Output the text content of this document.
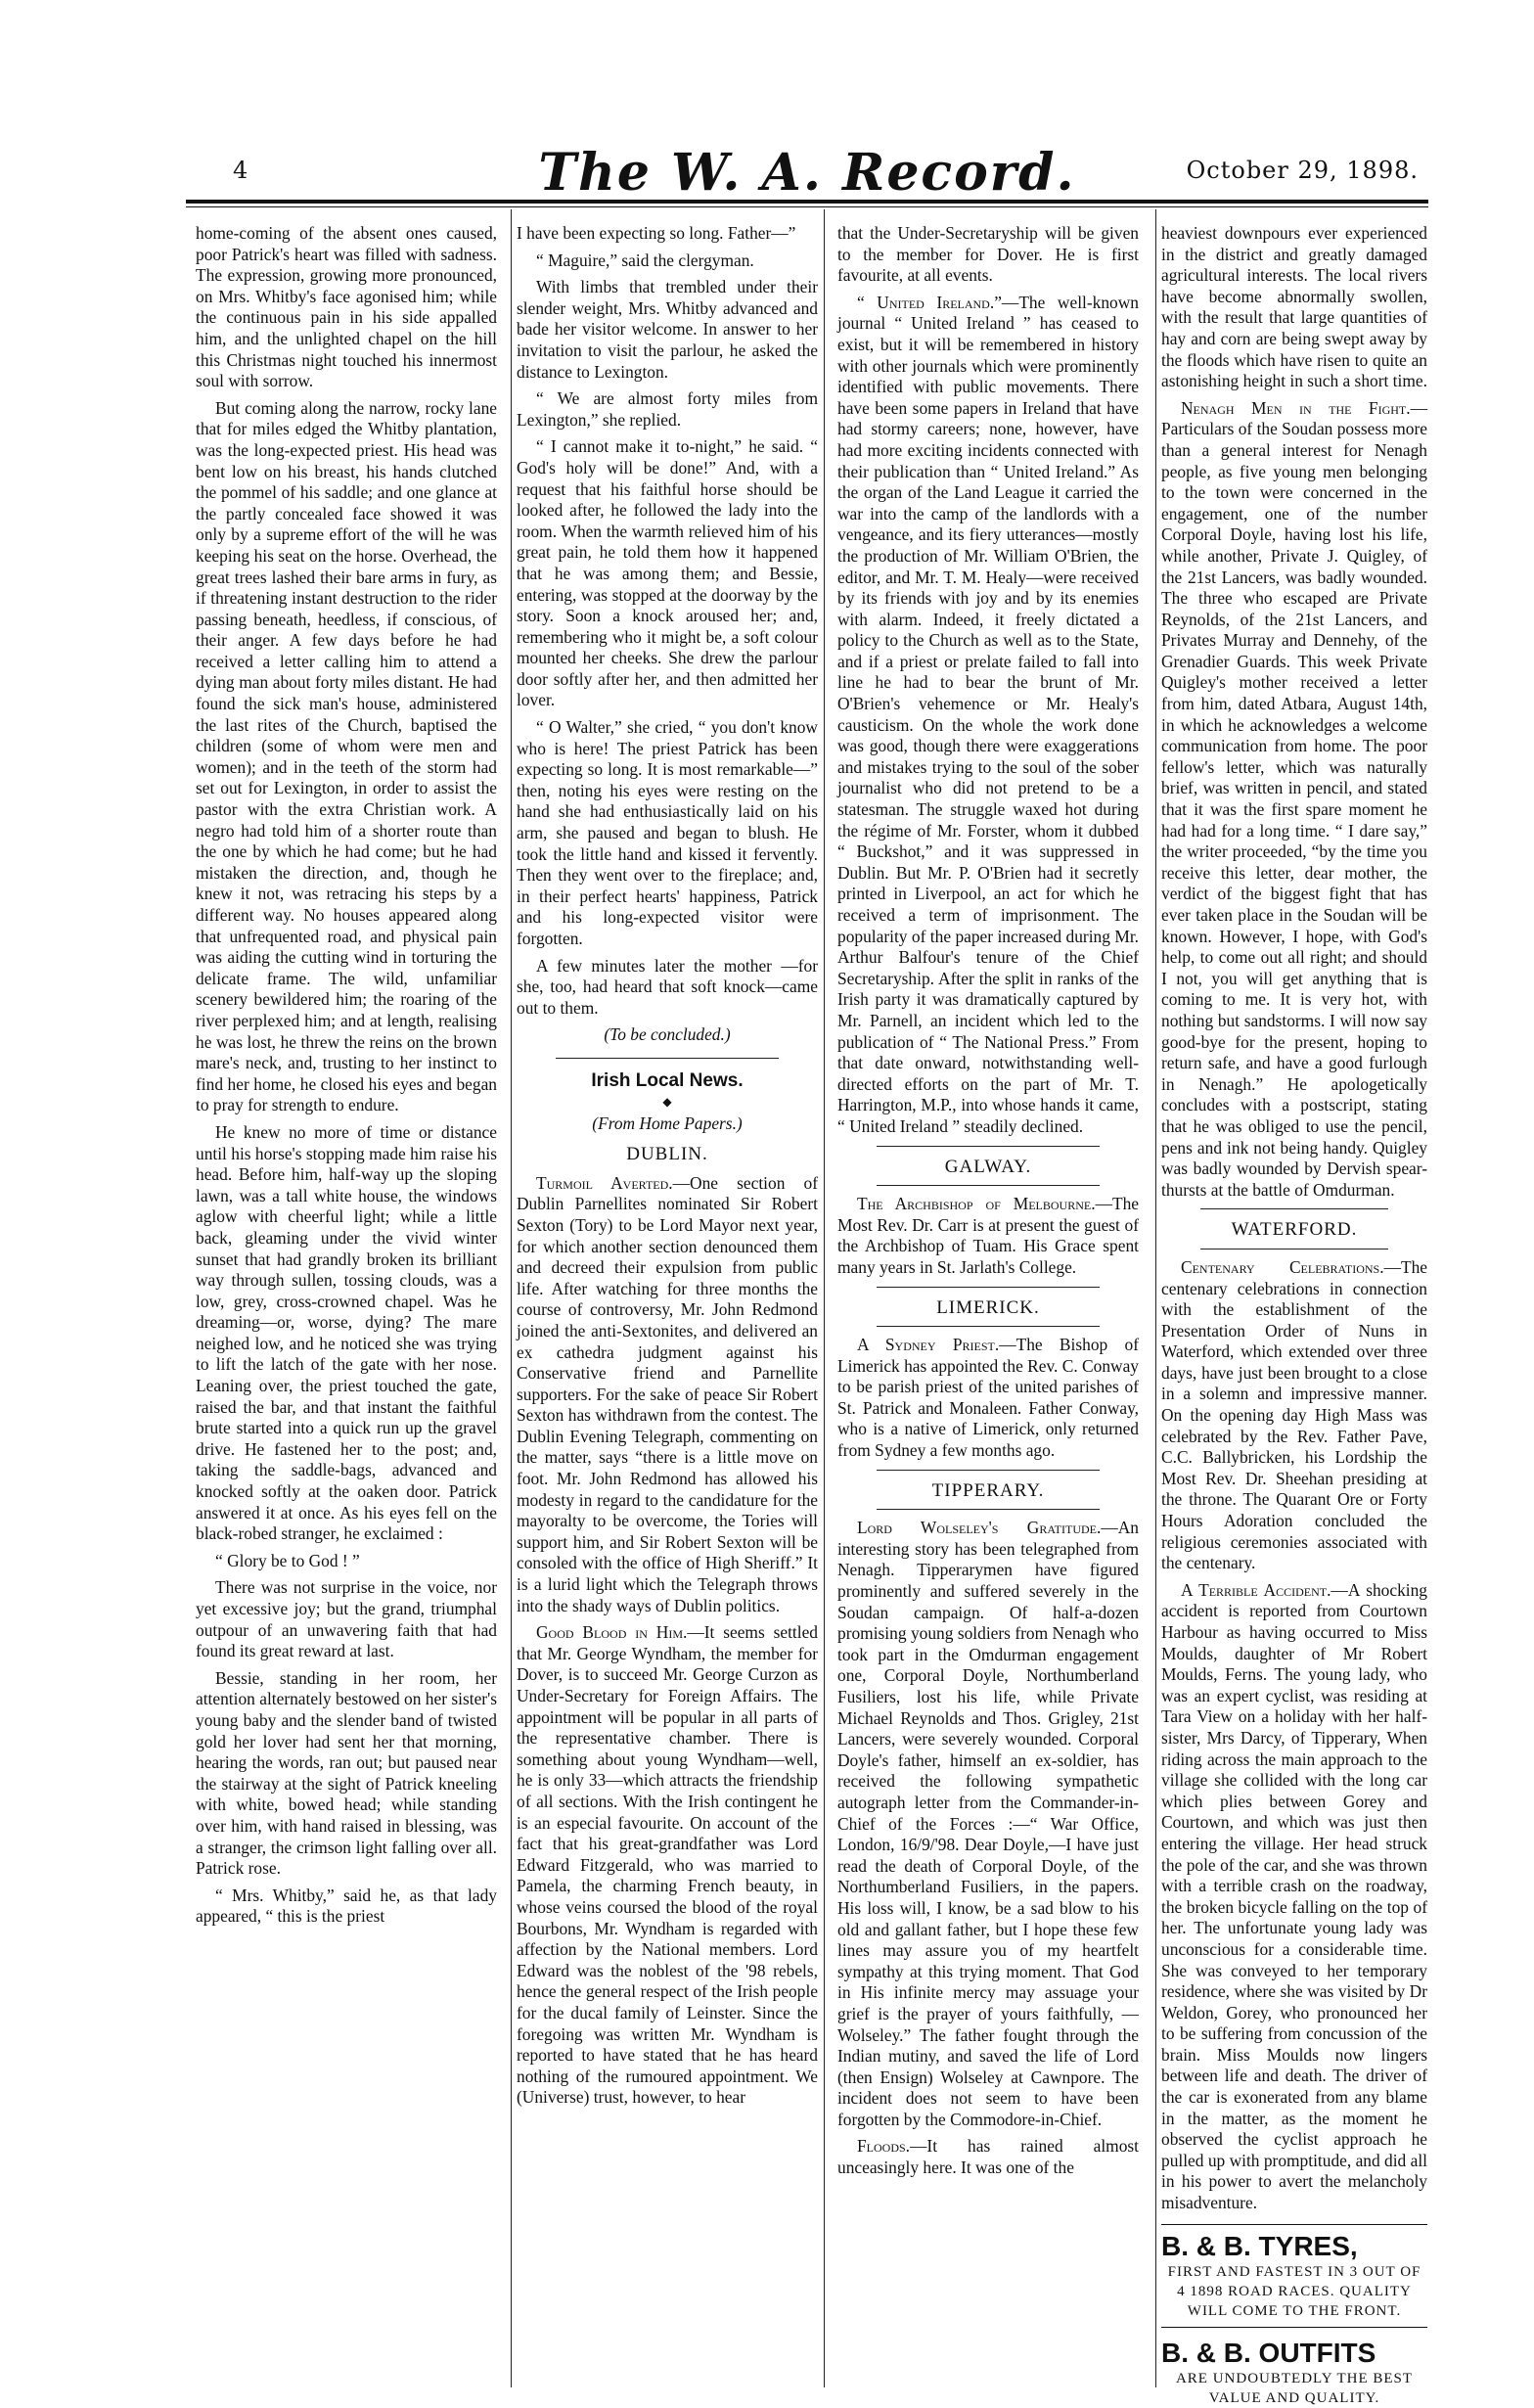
4	The W. A. Record.	October 29, 1898.

home-coming of the absent ones caused, poor Patrick's heart was filled with sadness. The expression, growing more pronounced, on Mrs. Whitby's face agonised him; while the continuous pain in his side appalled him, and the unlighted chapel on the hill this Christmas night touched his innermost soul with sorrow.

But coming along the narrow, rocky lane that for miles edged the Whitby plantation, was the long-expected priest. His head was bent low on his breast, his hands clutched the pommel of his saddle; and one glance at the partly concealed face showed it was only by a supreme effort of the will he was keeping his seat on the horse. Overhead, the great trees lashed their bare arms in fury, as if threatening instant destruction to the rider passing beneath, heedless, if conscious, of their anger. A few days before he had received a letter calling him to attend a dying man about forty miles distant. He had found the sick man's house, administered the last rites of the Church, baptised the children (some of whom were men and women); and in the teeth of the storm had set out for Lexington, in order to assist the pastor with the extra Christian work. A negro had told him of a shorter route than the one by which he had come; but he had mistaken the direction, and, though he knew it not, was retracing his steps by a different way. No houses appeared along that unfrequented road, and physical pain was aiding the cutting wind in torturing the delicate frame. The wild, unfamiliar scenery bewildered him; the roaring of the river perplexed him; and at length, realising he was lost, he threw the reins on the brown mare's neck, and, trusting to her instinct to find her home, he closed his eyes and began to pray for strength to endure.

He knew no more of time or distance until his horse's stopping made him raise his head. Before him, half-way up the sloping lawn, was a tall white house, the windows aglow with cheerful light; while a little back, gleaming under the vivid winter sunset that had grandly broken its brilliant way through sullen, tossing clouds, was a low, grey, cross-crowned chapel. Was he dreaming—or, worse, dying? The mare neighed low, and he noticed she was trying to lift the latch of the gate with her nose. Leaning over, the priest touched the gate, raised the bar, and that instant the faithful brute started into a quick run up the gravel drive. He fastened her to the post; and, taking the saddle-bags, advanced and knocked softly at the oaken door. Patrick answered it at once. As his eyes fell on the black-robed stranger, he exclaimed :

“ Glory be to God ! ”

There was not surprise in the voice, nor yet excessive joy; but the grand, triumphal outpour of an unwavering faith that had found its great reward at last.

Bessie, standing in her room, her attention alternately bestowed on her sister's young baby and the slender band of twisted gold her lover had sent her that morning, hearing the words, ran out; but paused near the stairway at the sight of Patrick kneeling with white, bowed head; while standing over him, with hand raised in blessing, was a stranger, the crimson light falling over all. Patrick rose.

“ Mrs. Whitby,” said he, as that lady appeared, “ this is the priest

I have been expecting so long. Father—”

“ Maguire,” said the clergyman.

With limbs that trembled under their slender weight, Mrs. Whitby advanced and bade her visitor welcome. In answer to her invitation to visit the parlour, he asked the distance to Lexington.

“ We are almost forty miles from Lexington,” she replied.

“ I cannot make it to-night,” he said. “ God's holy will be done!” And, with a request that his faithful horse should be looked after, he followed the lady into the room. When the warmth relieved him of his great pain, he told them how it happened that he was among them; and Bessie, entering, was stopped at the doorway by the story. Soon a knock aroused her; and, remembering who it might be, a soft colour mounted her cheeks. She drew the parlour door softly after her, and then admitted her lover.

“ O Walter,” she cried, “ you don't know who is here! The priest Patrick has been expecting so long. It is most remarkable—” then, noting his eyes were resting on the hand she had enthusiastically laid on his arm, she paused and began to blush. He took the little hand and kissed it fervently. Then they went over to the fireplace; and, in their perfect hearts' happiness, Patrick and his long-expected visitor were forgotten.

A few minutes later the mother —for she, too, had heard that soft knock—came out to them.

(To be concluded.)
Irish Local News.
◆
(From Home Papers.)
DUBLIN.

Turmoil Averted.—One section of Dublin Parnellites nominated Sir Robert Sexton (Tory) to be Lord Mayor next year, for which another section denounced them and decreed their expulsion from public life. After watching for three months the course of controversy, Mr. John Redmond joined the anti-Sextonites, and delivered an ex cathedra judgment against his Conservative friend and Parnellite supporters. For the sake of peace Sir Robert Sexton has withdrawn from the contest. The Dublin Evening Telegraph, commenting on the matter, says “there is a little move on foot. Mr. John Redmond has allowed his modesty in regard to the candidature for the mayoralty to be overcome, the Tories will support him, and Sir Robert Sexton will be consoled with the office of High Sheriff.” It is a lurid light which the Telegraph throws into the shady ways of Dublin politics.

Good Blood in Him.—It seems settled that Mr. George Wyndham, the member for Dover, is to succeed Mr. George Curzon as Under-Secretary for Foreign Affairs. The appointment will be popular in all parts of the representative chamber. There is something about young Wyndham—well, he is only 33—which attracts the friendship of all sections. With the Irish contingent he is an especial favourite. On account of the fact that his great-grandfather was Lord Edward Fitzgerald, who was married to Pamela, the charming French beauty, in whose veins coursed the blood of the royal Bourbons, Mr. Wyndham is regarded with affection by the National members. Lord Edward was the noblest of the '98 rebels, hence the general respect of the Irish people for the ducal family of Leinster. Since the foregoing was written Mr. Wyndham is reported to have stated that he has heard nothing of the rumoured appointment. We (Universe) trust, however, to hear

that the Under-Secretaryship will be given to the member for Dover. He is first favourite, at all events.

“ United Ireland.”—The well-known journal “ United Ireland ” has ceased to exist, but it will be remembered in history with other journals which were prominently identified with public movements. There have been some papers in Ireland that have had stormy careers; none, however, have had more exciting incidents connected with their publication than “ United Ireland.” As the organ of the Land League it carried the war into the camp of the landlords with a vengeance, and its fiery utterances—mostly the production of Mr. William O'Brien, the editor, and Mr. T. M. Healy—were received by its friends with joy and by its enemies with alarm. Indeed, it freely dictated a policy to the Church as well as to the State, and if a priest or prelate failed to fall into line he had to bear the brunt of Mr. O'Brien's vehemence or Mr. Healy's causticism. On the whole the work done was good, though there were exaggerations and mistakes trying to the soul of the sober journalist who did not pretend to be a statesman. The struggle waxed hot during the régime of Mr. Forster, whom it dubbed “ Buckshot,” and it was suppressed in Dublin. But Mr. P. O'Brien had it secretly printed in Liverpool, an act for which he received a term of imprisonment. The popularity of the paper increased during Mr. Arthur Balfour's tenure of the Chief Secretaryship. After the split in ranks of the Irish party it was dramatically captured by Mr. Parnell, an incident which led to the publication of “ The National Press.” From that date onward, notwithstanding well-directed efforts on the part of Mr. T. Harrington, M.P., into whose hands it came, “ United Ireland ” steadily declined.

GALWAY.

The Archbishop of Melbourne.—The Most Rev. Dr. Carr is at present the guest of the Archbishop of Tuam. His Grace spent many years in St. Jarlath's College.

LIMERICK.

A Sydney Priest.—The Bishop of Limerick has appointed the Rev. C. Conway to be parish priest of the united parishes of St. Patrick and Monaleen. Father Conway, who is a native of Limerick, only returned from Sydney a few months ago.

TIPPERARY.

Lord Wolseley's Gratitude.—An interesting story has been telegraphed from Nenagh. Tipperarymen have figured prominently and suffered severely in the Soudan campaign. Of half-a-dozen promising young soldiers from Nenagh who took part in the Omdurman engagement one, Corporal Doyle, Northumberland Fusiliers, lost his life, while Private Michael Reynolds and Thos. Grigley, 21st Lancers, were severely wounded. Corporal Doyle's father, himself an ex-soldier, has received the following sympathetic autograph letter from the Commander-in-Chief of the Forces :—“ War Office, London, 16/9/'98. Dear Doyle,—I have just read the death of Corporal Doyle, of the Northumberland Fusiliers, in the papers. His loss will, I know, be a sad blow to his old and gallant father, but I hope these few lines may assure you of my heartfelt sympathy at this trying moment. That God in His infinite mercy may assuage your grief is the prayer of yours faithfully, — Wolseley.” The father fought through the Indian mutiny, and saved the life of Lord (then Ensign) Wolseley at Cawnpore. The incident does not seem to have been forgotten by the Commodore-in-Chief.

Floods.—It has rained almost unceasingly here. It was one of the

heaviest downpours ever experienced in the district and greatly damaged agricultural interests. The local rivers have become abnormally swollen, with the result that large quantities of hay and corn are being swept away by the floods which have risen to quite an astonishing height in such a short time.

Nenagh Men in the Fight.—Particulars of the Soudan possess more than a general interest for Nenagh people, as five young men belonging to the town were concerned in the engagement, one of the number Corporal Doyle, having lost his life, while another, Private J. Quigley, of the 21st Lancers, was badly wounded. The three who escaped are Private Reynolds, of the 21st Lancers, and Privates Murray and Dennehy, of the Grenadier Guards. This week Private Quigley's mother received a letter from him, dated Atbara, August 14th, in which he acknowledges a welcome communication from home. The poor fellow's letter, which was naturally brief, was written in pencil, and stated that it was the first spare moment he had had for a long time. “ I dare say,” the writer proceeded, “by the time you receive this letter, dear mother, the verdict of the biggest fight that has ever taken place in the Soudan will be known. However, I hope, with God's help, to come out all right; and should I not, you will get anything that is coming to me. It is very hot, with nothing but sandstorms. I will now say good-bye for the present, hoping to return safe, and have a good furlough in Nenagh.” He apologetically concludes with a postscript, stating that he was obliged to use the pencil, pens and ink not being handy. Quigley was badly wounded by Dervish spear-thursts at the battle of Omdurman.

WATERFORD.

Centenary Celebrations.—The centenary celebrations in connection with the establishment of the Presentation Order of Nuns in Waterford, which extended over three days, have just been brought to a close in a solemn and impressive manner. On the opening day High Mass was celebrated by the Rev. Father Pave, C.C. Ballybricken, his Lordship the Most Rev. Dr. Sheehan presiding at the throne. The Quarant Ore or Forty Hours Adoration concluded the religious ceremonies associated with the centenary.

A Terrible Accident.—A shocking accident is reported from Courtown Harbour as having occurred to Miss Moulds, daughter of Mr Robert Moulds, Ferns. The young lady, who was an expert cyclist, was residing at Tara View on a holiday with her half-sister, Mrs Darcy, of Tipperary, When riding across the main approach to the village she collided with the long car which plies between Gorey and Courtown, and which was just then entering the village. Her head struck the pole of the car, and she was thrown with a terrible crash on the roadway, the broken bicycle falling on the top of her. The unfortunate young lady was unconscious for a considerable time. She was conveyed to her temporary residence, where she was visited by Dr Weldon, Gorey, who pronounced her to be suffering from concussion of the brain. Miss Moulds now lingers between life and death. The driver of the car is exonerated from any blame in the matter, as the moment he observed the cyclist approach he pulled up with promptitude, and did all in his power to avert the melancholy misadventure.

B. & B. TYRES,
FIRST AND FASTEST IN 3 OUT OF 4 1898 ROAD RACES. QUALITY WILL COME TO THE FRONT.
B. & B. OUTFITS
ARE UNDOUBTEDLY THE BEST VALUE AND QUALITY.
